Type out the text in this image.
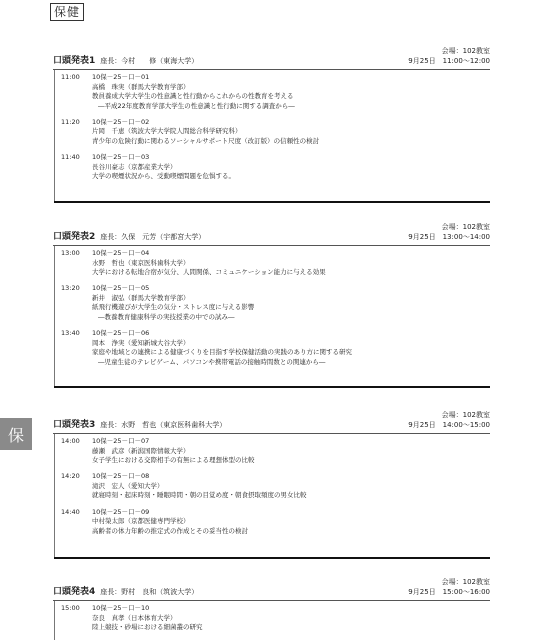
保健
保
会場：102教室
口頭発表1 座長：今村　　修（東海大学）	9月25日　11:00～12:00
11:00	10保－25－口－01
高橋　珠実（群馬大学教育学部）
教員養成大学大学生の性意識と性行動からこれからの性教育を考える
―平成22年度教育学部大学生の性意識と性行動に関する調査から―
11:20	10保－25－口－02
片岡　千恵（筑波大学大学院人間総合科学研究科）
青少年の危険行動に関わるソーシャルサポート尺度（改訂版）の信頼性の検討
11:40	10保－25－口－03
長谷川豪志（京都産業大学）
大学の喫煙状況から、受動喫煙問題を危惧する。
会場：102教室
口頭発表2 座長：久保　元芳（宇都宮大学）	9月25日　13:00～14:00
13:00	10保－25－口－04
水野　哲也（東京医科歯科大学）
大学における転地合宿が気分、人間関係、コミュニケーション能力に与える効果
13:20	10保－25－口－05
新井　淑弘（群馬大学教育学部）
紙飛行機遊びが大学生の気分・ストレス度に与える影響
―教養教育健康科学の実技授業の中での試み―
13:40	10保－25－口－06
岡本　浄実（愛知新城大谷大学）
家庭や地域との連携による健康づくりを目指す学校保健活動の実践のあり方に関する研究
―児童生徒のテレビゲーム、パソコンや携帯電話の接触時間数との関連から―
会場：102教室
口頭発表3 座長：水野　哲也（東京医科歯科大学）	9月25日　14:00～15:00
14:00	10保－25－口－07
藤瀬　武彦（新潟国際情報大学）
女子学生における交際相手の有無による理想体型の比較
14:20	10保－25－口－08
滝沢　宏人（愛知大学）
就寝時刻・起床時刻・睡眠時間・朝の目覚め度・朝食摂取頻度の男女比較
14:40	10保－25－口－09
中村榮太郎（京都医健専門学校）
高齢者の体力年齢の推定式の作成とその妥当性の検討
会場：102教室
口頭発表4 座長：野村　良和（筑波大学）	9月25日　15:00～16:00
15:00	10保－25－口－10
奈良　真孝（日本体育大学）
陸上競技・砂場における細菌叢の研究
